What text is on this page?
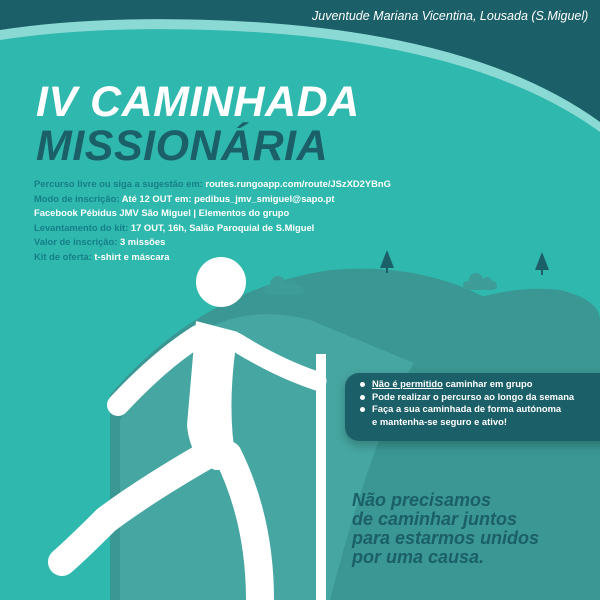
Juventude Mariana Vicentina, Lousada (S.Miguel)
IV CAMINHADA
MISSIONÁRIA
Percurso livre ou siga a sugestão em: routes.rungoapp.com/route/JSzXD2YBnG
Modo de inscrição: Até 12 OUT em: pedibus_jmv_smiguel@sapo.pt
Facebook Pébidus JMV São Miguel | Elementos do grupo
Levantamento do kit: 17 OUT, 16h, Salão Paroquial de S.Miguel
Valor de inscrição: 3 missões
Kit de oferta: t-shirt e máscara
Não é permitido caminhar em grupo
Pode realizar o percurso ao longo da semana
Faça a sua caminhada de forma autónoma
e mantenha-se seguro e ativo!
Não precisamos
de caminhar juntos
para estarmos unidos
por uma causa.
